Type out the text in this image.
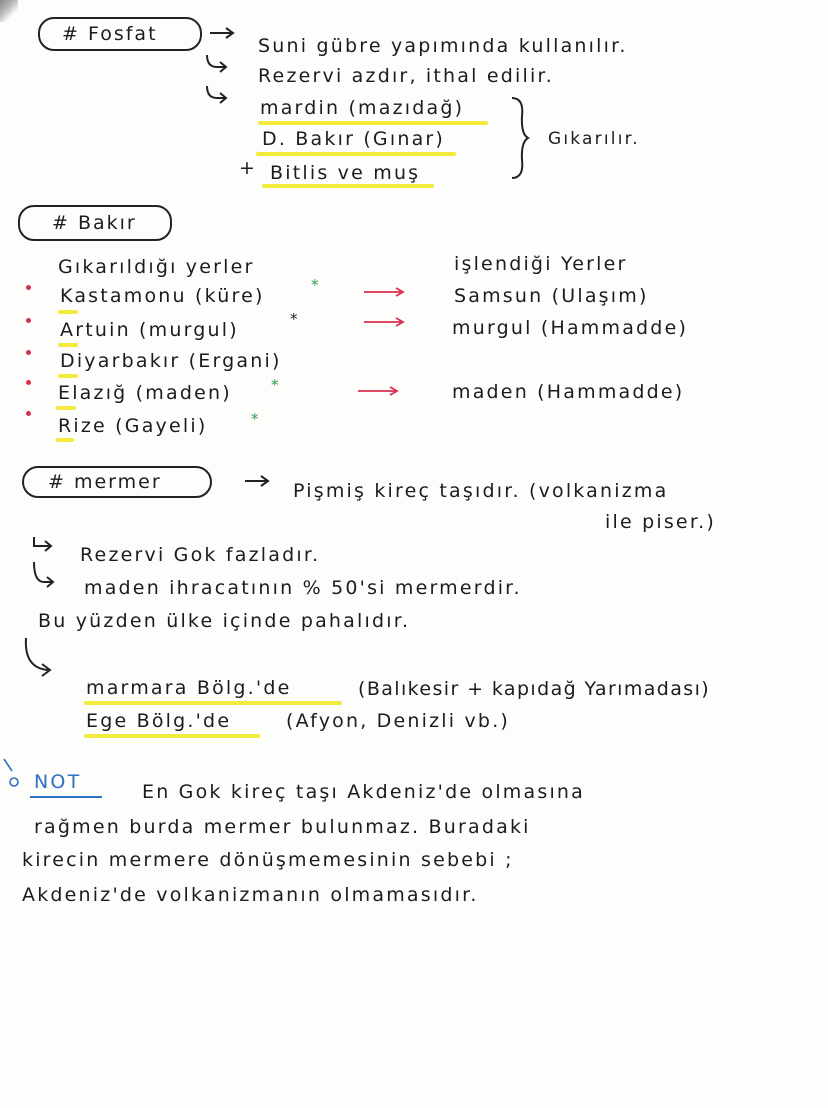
# Fosfat
Suni gübre yapımında kullanılır.
Rezervi azdır, ithal edilir.
mardin (mazıdağ)
D. Bakır (Gınar)
+ Bitlis ve muş
Gıkarılır.
# Bakır
Gıkarıldığı yerler	işlendiği Yerler
Kastamonu (küre)	*	Samsun (Ulaşım)
Artuin (murgul)	*	murgul (Hammadde)
Diyarbakır (Ergani)
Elazığ (maden)	*	maden (Hammadde)
Rize (Gayeli)	*
# mermer	Pişmiş kireç taşıdır. (volkanizma
ile piser.)
Rezervi Gok fazladır.
maden ihracatının % 50'si mermerdir.
Bu yüzden ülke içinde pahalıdır.
marmara Bölg.'de	(Balıkesir + kapıdağ Yarımadası)
Ege Bölg.'de	(Afyon, Denizli vb.)
NOT	En Gok kireç taşı Akdeniz'de olmasına
rağmen burda mermer bulunmaz. Buradaki
kirecin mermere dönüşmemesinin sebebi ;
Akdeniz'de volkanizmanın olmamasıdır.
